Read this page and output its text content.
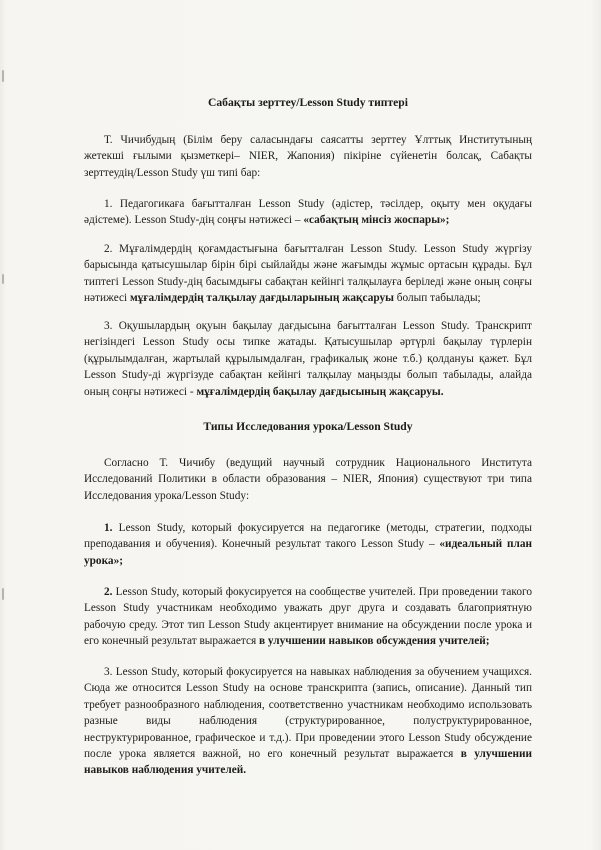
Сабақты зерттеу/Lesson Study типтері

Т. Чичибудың (Білім беру саласындағы саясатты зерттеу Ұлттық Институтының жетекші ғылыми қызметкері– NIER, Жапония) пікіріне сүйенетін болсақ, Сабақты зерттеудің/Lesson Study үш типі бар:

1. Педагогикаға бағытталған Lesson Study (әдістер, тәсілдер, оқыту мен оқудағы әдістеме). Lesson Study-дің соңғы нәтижесі – «сабақтың мінсіз жоспары»;

2. Мұғалімдердің қоғамдастығына бағытталған Lesson Study. Lesson Study жүргізу барысында қатысушылар бірін бірі сыйлайды және жағымды жұмыс ортасын құрады. Бұл типтегі Lesson Study-дің басымдығы сабақтан кейінгі талқылауға беріледі және оның соңғы нәтижесі мұғалімдердің талқылау дағдыларының жақсаруы болып табылады;

3. Оқушылардың оқуын бақылау дағдысына бағытталған Lesson Study. Транскрипт негізіндегі Lesson Study осы типке жатады. Қатысушылар әртүрлі бақылау түрлерін (құрылымдалған, жартылай құрылымдалған, графикалық жоне т.б.) қолдануы қажет. Бұл Lesson Study-ді жүргізуде сабақтан кейінгі талқылау маңызды болып табылады, алайда оның соңғы нәтижесі - мұғалімдердің бақылау дағдысының жақсаруы.

Типы Исследования урока/Lesson Study

Согласно Т. Чичибу (ведущий научный сотрудник Национального Института Исследований Политики в области образования – NIER, Япония) существуют три типа Исследования урока/Lesson Study:

1. Lesson Study, который фокусируется на педагогике (методы, стратегии, подходы преподавания и обучения). Конечный результат такого Lesson Study – «идеальный план урока»;

2. Lesson Study, который фокусируется на сообществе учителей. При проведении такого Lesson Study участникам необходимо уважать друг друга и создавать благоприятную рабочую среду. Этот тип Lesson Study акцентирует внимание на обсуждении после урока и его конечный результат выражается в улучшении навыков обсуждения учителей;

3. Lesson Study, который фокусируется на навыках наблюдения за обучением учащихся. Сюда же относится Lesson Study на основе транскрипта (запись, описание). Данный тип требует разнообразного наблюдения, соответственно участникам необходимо использовать разные виды наблюдения (структурированное, полуструктурированное, неструктурированное, графическое и т.д.). При проведении этого Lesson Study обсуждение после урока является важной, но его конечный результат выражается в улучшении навыков наблюдения учителей.
